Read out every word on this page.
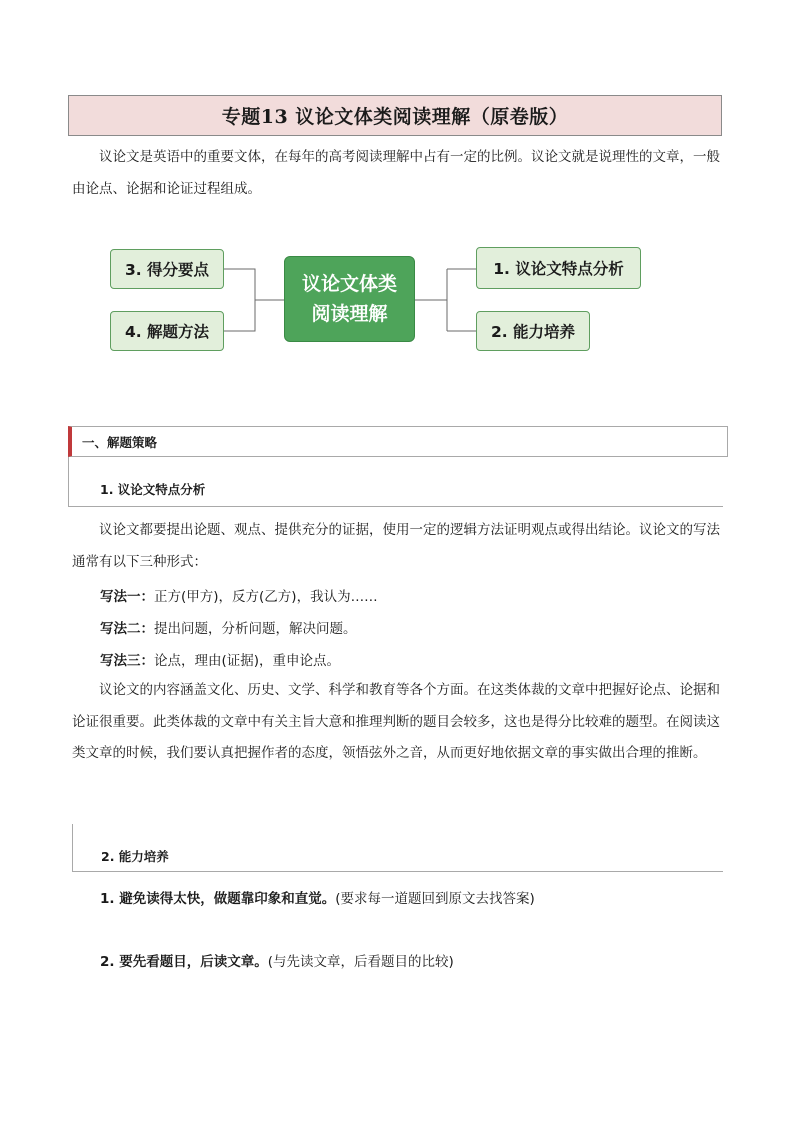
专题13 议论文体类阅读理解（原卷版）

议论文是英语中的重要文体，在每年的高考阅读理解中占有一定的比例。议论文就是说理性的文章，一般由论点、论据和论证过程组成。

3. 得分要点
4. 解题方法
议论文体类
阅读理解
1. 议论文特点分析
2. 能力培养
一、解题策略
1. 议论文特点分析

议论文都要提出论题、观点、提供充分的证据，使用一定的逻辑方法证明观点或得出结论。议论文的写法通常有以下三种形式：

写法一：正方(甲方)，反方(乙方)，我认为……
写法二：提出问题，分析问题，解决问题。
写法三：论点，理由(证据)，重申论点。

议论文的内容涵盖文化、历史、文学、科学和教育等各个方面。在这类体裁的文章中把握好论点、论据和论证很重要。此类体裁的文章中有关主旨大意和推理判断的题目会较多，这也是得分比较难的题型。在阅读这类文章的时候，我们要认真把握作者的态度，领悟弦外之音，从而更好地依据文章的事实做出合理的推断。

2. 能力培养
1. 避免读得太快，做题靠印象和直觉。(要求每一道题回到原文去找答案)
2. 要先看题目，后读文章。(与先读文章，后看题目的比较)
